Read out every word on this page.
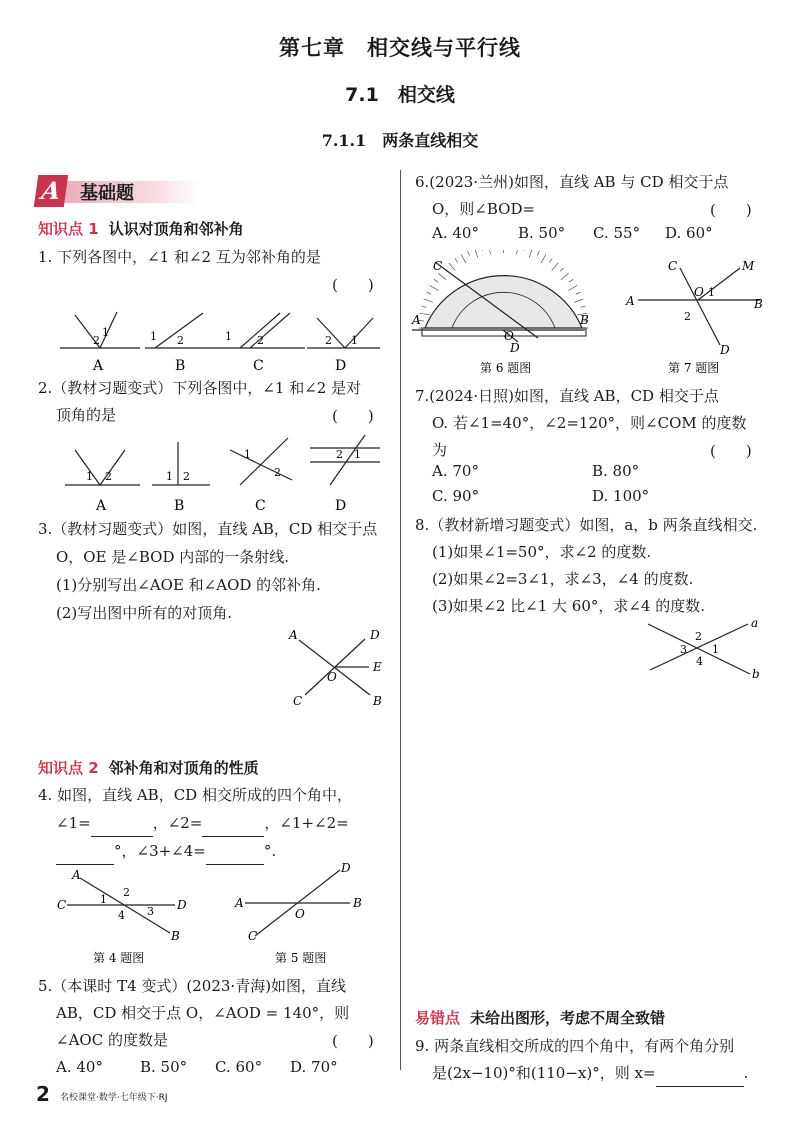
第七章　相交线与平行线
7.1　相交线
7.1.1　两条直线相交
A 基础题
知识点 1 认识对顶角和邻补角
1. 下列各图中，∠1 和∠2 互为邻补角的是
(　　)
1
2	1 2	1 2	2 1
A	B	C	D
2.（教材习题变式）下列各图中，∠1 和∠2 是对
顶角的是	(　　)
1 2	1 2
1
2
2 1
A	B	C	D
3.（教材习题变式）如图，直线 AB，CD 相交于点
O，OE 是∠BOD 内部的一条射线.
(1)分别写出∠AOE 和∠AOD 的邻补角.
(2)写出图中所有的对顶角.
A	D
E
O
C	B
知识点 2 邻补角和对顶角的性质
4. 如图，直线 AB，CD 相交所成的四个角中，
∠1=	，∠2=	，∠1+∠2=
°，∠3+∠4=	°.
A
C	D
B
2
1
3
4
A	B
D
C
O
第 4 题图	第 5 题图
5.（本课时 T4 变式）(2023·青海)如图，直线
AB，CD 相交于点 O，∠AOD = 140°，则
∠AOC 的度数是	(　　)
A. 40° B. 50° C. 60° D. 70°
6.(2023·兰州)如图，直线 AB 与 CD 相交于点
O，则∠BOD=	(　　)
A. 40°	B. 50° C. 55° D. 60°
C
A	B
O
D
第 6 题图
C	M
A	B
O 1
2
D
第 7 题图
7.(2024·日照)如图，直线 AB，CD 相交于点
O. 若∠1=40°，∠2=120°，则∠COM 的度数
为	(　　)
A. 70°	B. 80°
C. 90°	D. 100°
8.（教材新增习题变式）如图，a，b 两条直线相交.
(1)如果∠1=50°，求∠2 的度数.
(2)如果∠2=3∠1，求∠3，∠4 的度数.
(3)如果∠2 比∠1 大 60°，求∠4 的度数.
a
b
2
3 1
4
易错点 未给出图形，考虑不周全致错
9. 两条直线相交所成的四个角中，有两个角分别
是(2x−10)°和(110−x)°，则 x=	.
2 名校课堂·数学·七年级下·RJ
